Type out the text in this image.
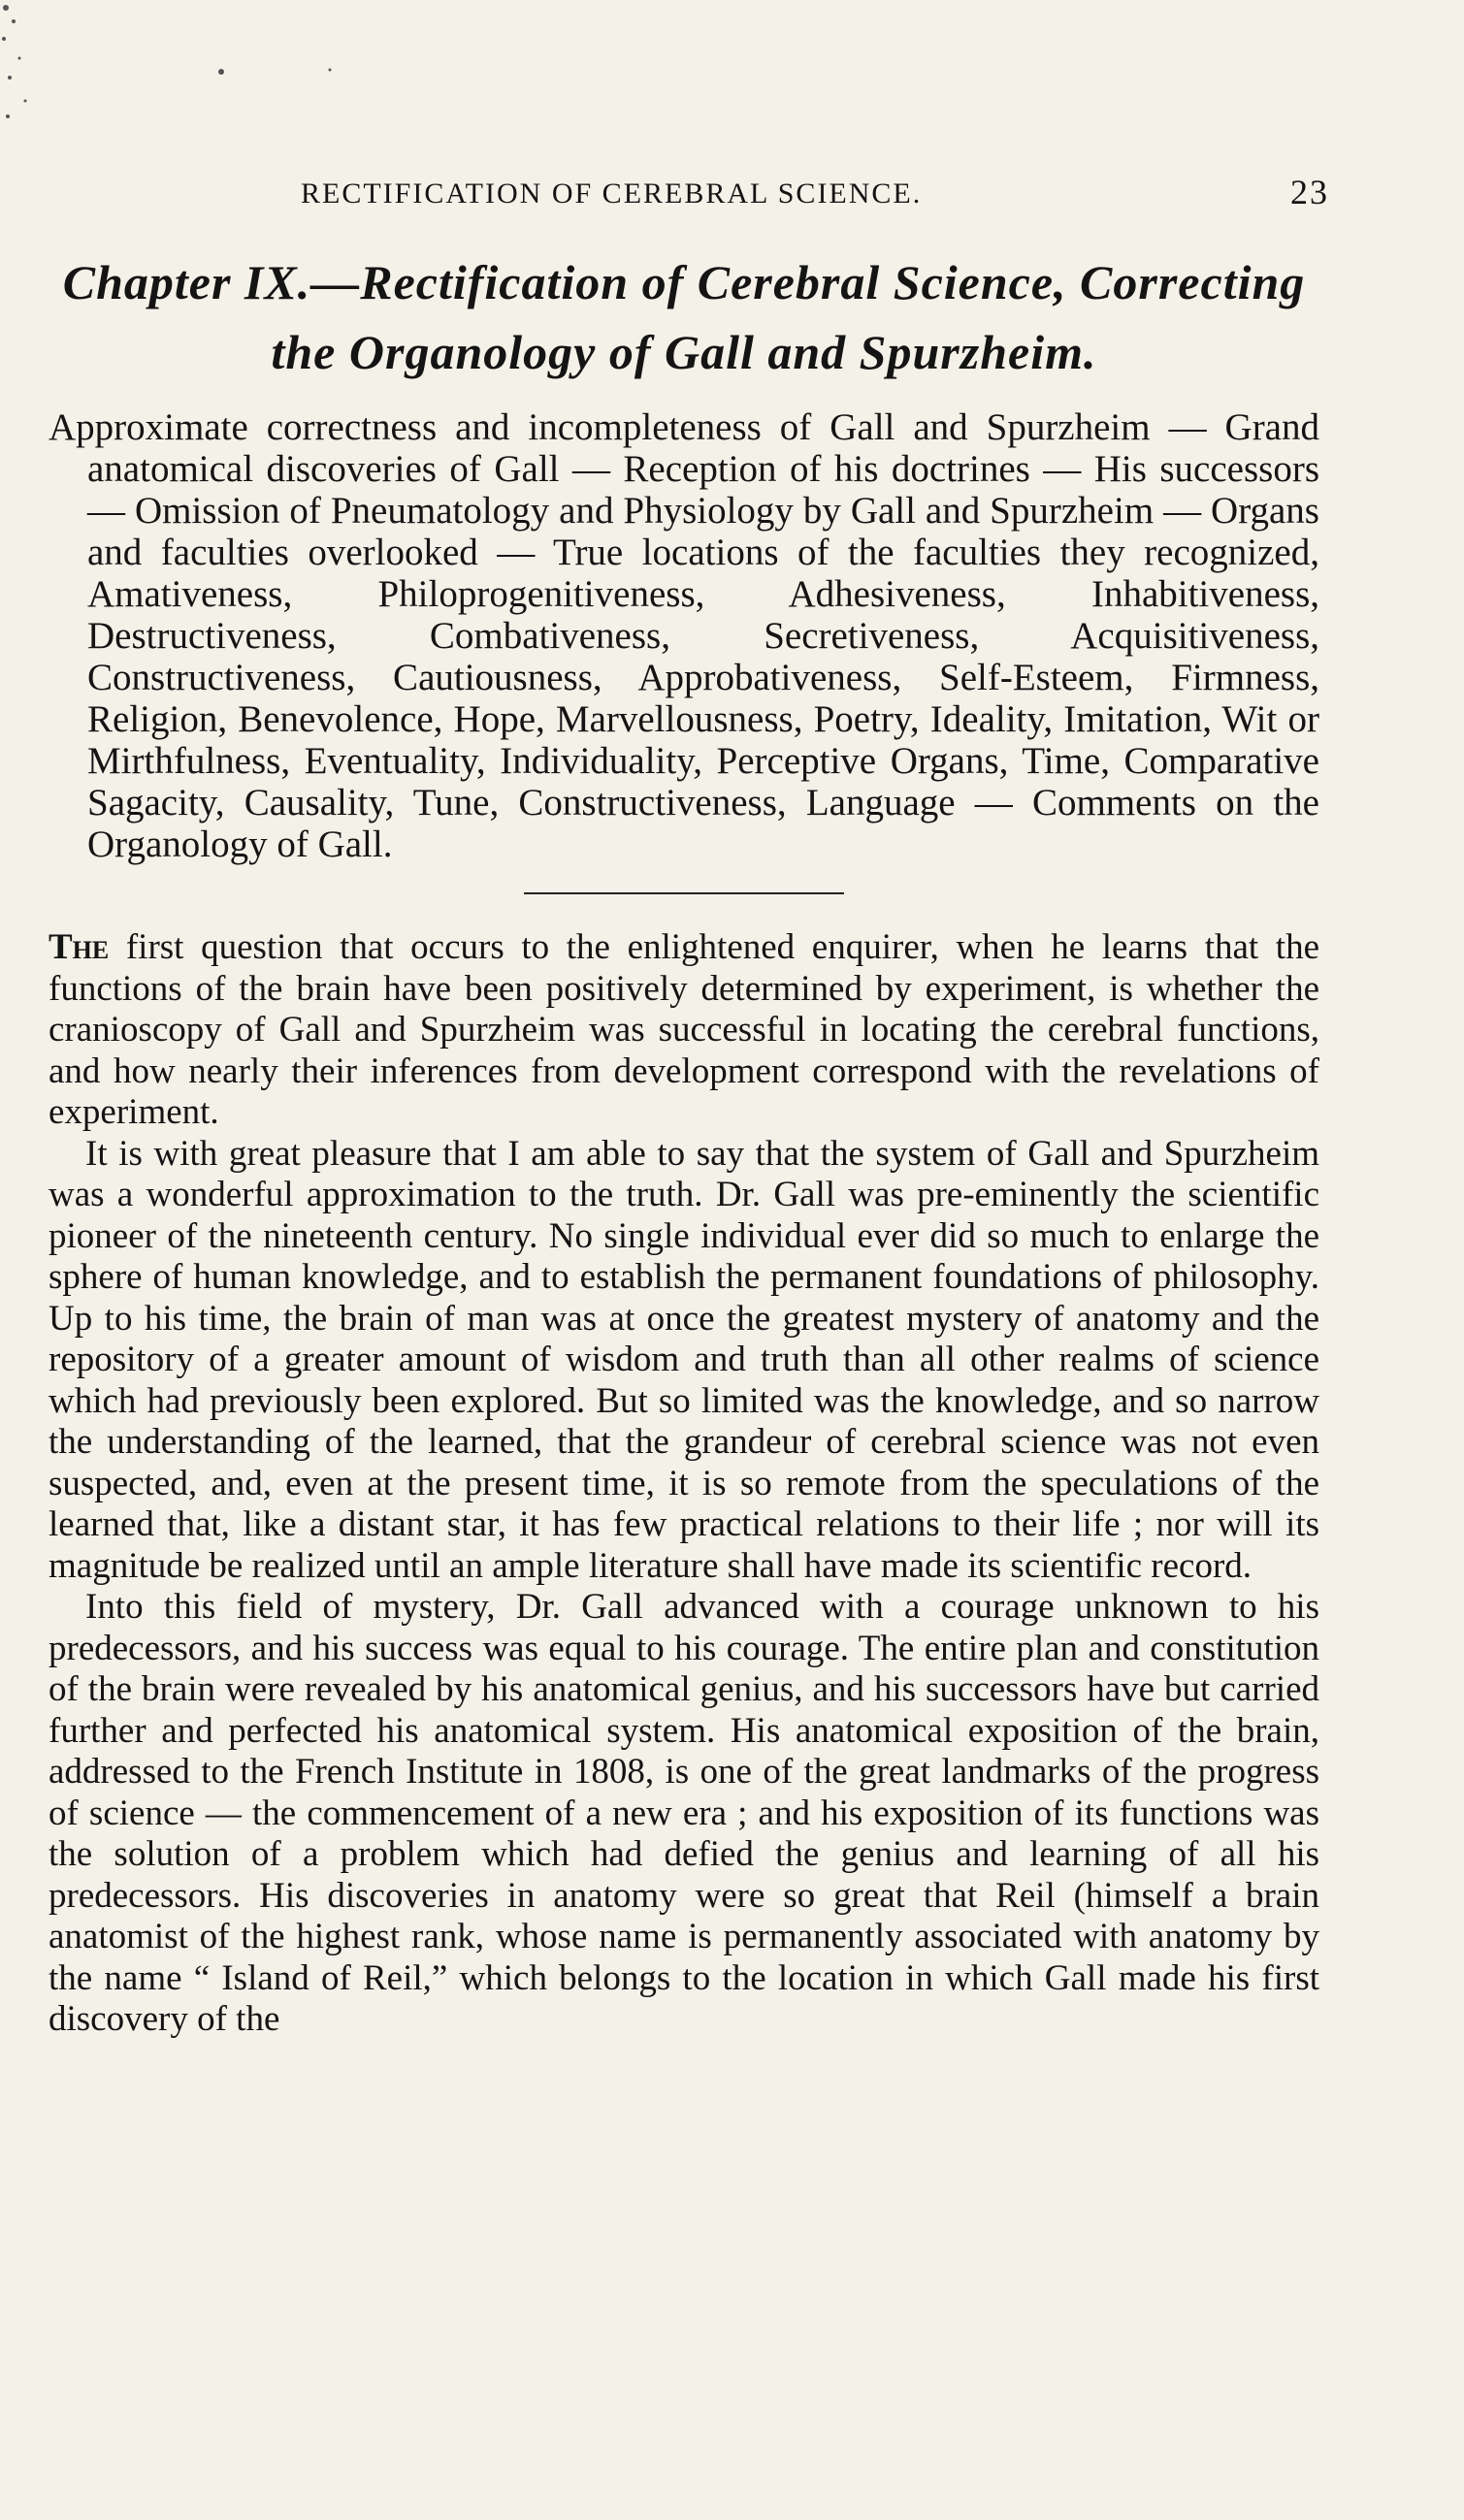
RECTIFICATION OF CEREBRAL SCIENCE.	23
Chapter IX.—Rectification of Cerebral Science, Correcting the Organology of Gall and Spurzheim.

Approximate correctness and incompleteness of Gall and Spurzheim — Grand anatomical discoveries of Gall — Reception of his doctrines — His successors — Omission of Pneumatology and Physiology by Gall and Spurzheim — Organs and faculties overlooked — True locations of the faculties they recognized, Amativeness, Philoprogenitiveness, Adhesiveness, Inhabitiveness, Destructiveness, Combativeness, Secretiveness, Acquisitiveness, Constructiveness, Cautiousness, Approbativeness, Self-Esteem, Firmness, Religion, Benevolence, Hope, Marvellousness, Poetry, Ideality, Imitation, Wit or Mirthfulness, Eventuality, Individuality, Perceptive Organs, Time, Comparative Sagacity, Causality, Tune, Constructiveness, Language — Comments on the Organology of Gall.

The first question that occurs to the enlightened enquirer, when he learns that the functions of the brain have been positively determined by experiment, is whether the cranioscopy of Gall and Spurzheim was successful in locating the cerebral functions, and how nearly their inferences from development correspond with the revelations of experiment.

It is with great pleasure that I am able to say that the system of Gall and Spurzheim was a wonderful approximation to the truth. Dr. Gall was pre-eminently the scientific pioneer of the nineteenth century. No single individual ever did so much to enlarge the sphere of human knowledge, and to establish the permanent foundations of philosophy. Up to his time, the brain of man was at once the greatest mystery of anatomy and the repository of a greater amount of wisdom and truth than all other realms of science which had previously been explored. But so limited was the knowledge, and so narrow the understanding of the learned, that the grandeur of cerebral science was not even suspected, and, even at the present time, it is so remote from the speculations of the learned that, like a distant star, it has few practical relations to their life ; nor will its magnitude be realized until an ample literature shall have made its scientific record.

Into this field of mystery, Dr. Gall advanced with a courage unknown to his predecessors, and his success was equal to his courage. The entire plan and constitution of the brain were revealed by his anatomical genius, and his successors have but carried further and perfected his anatomical system. His anatomical exposition of the brain, addressed to the French Institute in 1808, is one of the great landmarks of the progress of science — the commencement of a new era ; and his exposition of its functions was the solution of a problem which had defied the genius and learning of all his predecessors. His discoveries in anatomy were so great that Reil (himself a brain anatomist of the highest rank, whose name is permanently associated with anatomy by the name “ Island of Reil,” which belongs to the location in which Gall made his first discovery of the
